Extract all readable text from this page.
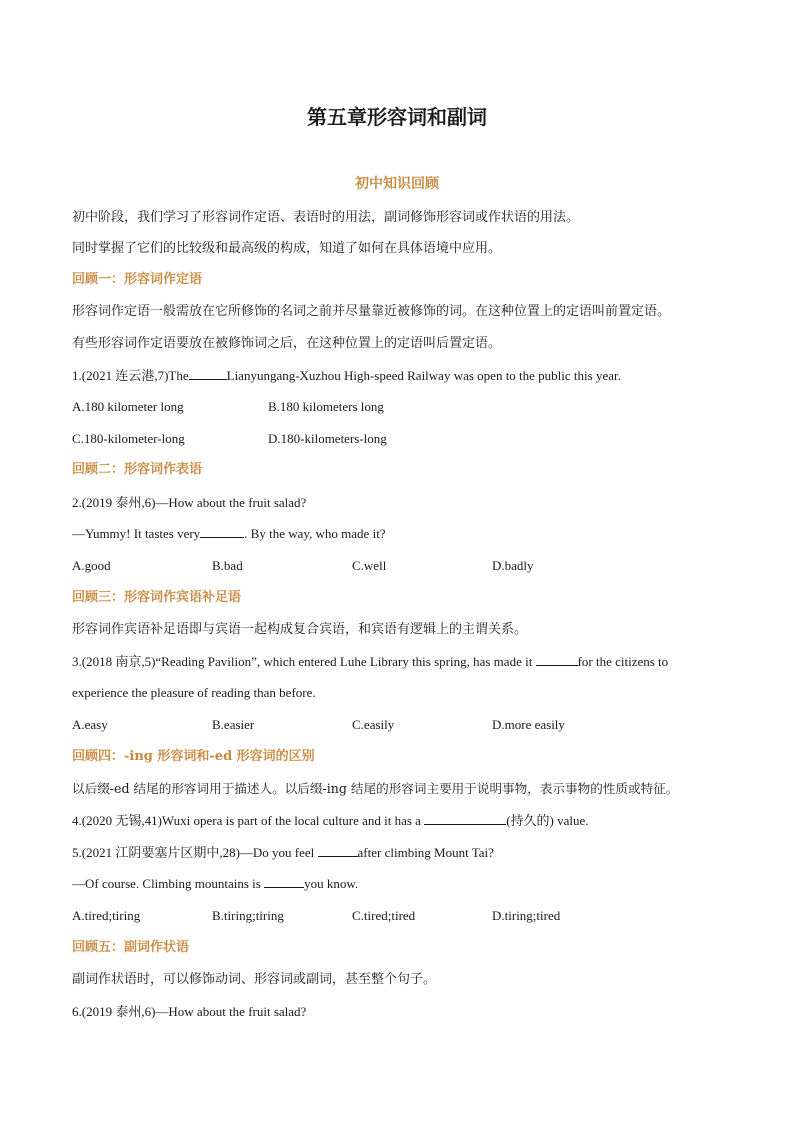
第五章形容词和副词
初中知识回顾
初中阶段，我们学习了形容词作定语、表语时的用法，副词修饰形容词或作状语的用法。
同时掌握了它们的比较级和最高级的构成，知道了如何在具体语境中应用。
回顾一：形容词作定语
形容词作定语一般需放在它所修饰的名词之前并尽量靠近被修饰的词。在这种位置上的定语叫前置定语。
有些形容词作定语要放在被修饰词之后，在这种位置上的定语叫后置定语。
1.(2021 连云港,7)The	Lianyungang-Xuzhou High-speed Railway was open to the public this year.
A.180 kilometer long	B.180 kilometers long
C.180-kilometer-long	D.180-kilometers-long
回顾二：形容词作表语
2.(2019 泰州,6)—How about the fruit salad?
—Yummy! It tastes very	. By the way, who made it?
A.good	B.bad	C.well	D.badly
回顾三：形容词作宾语补足语
形容词作宾语补足语即与宾语一起构成复合宾语，和宾语有逻辑上的主谓关系。
3.(2018 南京,5)“Reading Pavilion”, which entered Luhe Library this spring, has made it	for the citizens to
experience the pleasure of reading than before.
A.easy	B.easier	C.easily	D.more easily
回顾四：-ing 形容词和-ed 形容词的区别
以后缀-ed 结尾的形容词用于描述人。以后缀-ing 结尾的形容词主要用于说明事物，表示事物的性质或特征。
4.(2020 无锡,41)Wuxi opera is part of the local culture and it has a	(持久的) value.
5.(2021 江阴要塞片区期中,28)—Do you feel	after climbing Mount Tai?
—Of course. Climbing mountains is	you know.
A.tired;tiring	B.tiring;tiring	C.tired;tired	D.tiring;tired
回顾五：副词作状语
副词作状语时，可以修饰动词、形容词或副词，甚至整个句子。
6.(2019 泰州,6)—How about the fruit salad?
